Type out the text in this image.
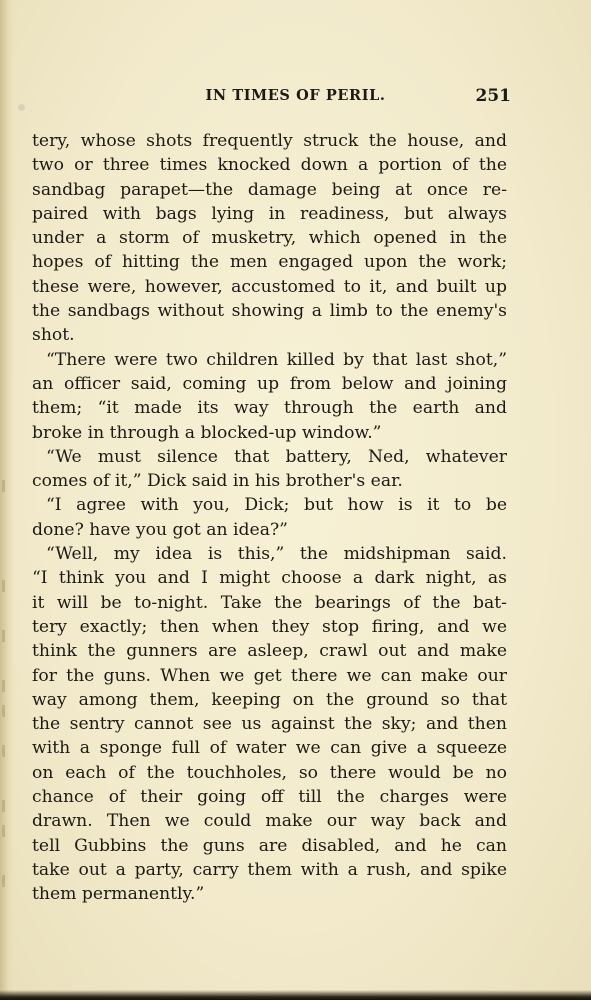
IN TIMES OF PERIL.	251
tery, whose shots frequently struck the house, and
two or three times knocked down a portion of the
sandbag parapet—the damage being at once re-
paired with bags lying in readiness, but always
under a storm of musketry, which opened in the
hopes of hitting the men engaged upon the work;
these were, however, accustomed to it, and built up
the sandbags without showing a limb to the enemy's
shot.
“There were two children killed by that last shot,”
an officer said, coming up from below and joining
them; “it made its way through the earth and
broke in through a blocked-up window.”
“We must silence that battery, Ned, whatever
comes of it,” Dick said in his brother's ear.
“I agree with you, Dick; but how is it to be
done? have you got an idea?”
“Well, my idea is this,” the midshipman said.
“I think you and I might choose a dark night, as
it will be to-night. Take the bearings of the bat-
tery exactly; then when they stop firing, and we
think the gunners are asleep, crawl out and make
for the guns. When we get there we can make our
way among them, keeping on the ground so that
the sentry cannot see us against the sky; and then
with a sponge full of water we can give a squeeze
on each of the touchholes, so there would be no
chance of their going off till the charges were
drawn. Then we could make our way back and
tell Gubbins the guns are disabled, and he can
take out a party, carry them with a rush, and spike
them permanently.”
